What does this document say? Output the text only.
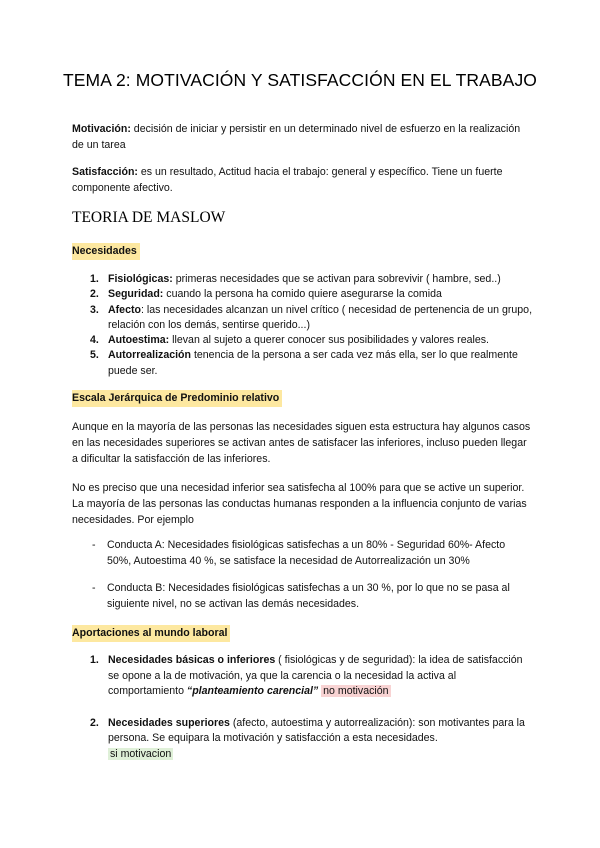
TEMA 2: MOTIVACIÓN Y SATISFACCIÓN EN EL TRABAJO
Motivación: decisión de iniciar y persistir en un determinado nivel de esfuerzo en la realización de un tarea
Satisfacción: es un resultado, Actitud hacia el trabajo: general y específico. Tiene un fuerte componente afectivo.
TEORIA DE MASLOW
Necesidades
1. Fisiológicas: primeras necesidades que se activan para sobrevivir ( hambre, sed..)
2. Seguridad: cuando la persona ha comido quiere asegurarse la comida
3. Afecto: las necesidades alcanzan un nivel crítico ( necesidad de pertenencia de un grupo, relación con los demás, sentirse querido...)
4. Autoestima: llevan al sujeto a querer conocer sus posibilidades y valores reales.
5. Autorrealización tenencia de la persona a ser cada vez más ella, ser lo que realmente puede ser.
Escala Jerárquica de Predominio relativo
Aunque en la mayoría de las personas las necesidades siguen esta estructura hay algunos casos en las necesidades superiores se activan antes de satisfacer las inferiores, incluso pueden llegar a dificultar la satisfacción de las inferiores.
No es preciso que una necesidad inferior sea satisfecha al 100% para que se active un superior. La mayoría de las personas las conductas humanas responden a la influencia conjunto de varias necesidades. Por ejemplo
- Conducta A: Necesidades fisiológicas satisfechas a un 80% - Seguridad 60%- Afecto 50%, Autoestima 40 %, se satisface la necesidad de Autorrealización un 30%
- Conducta B: Necesidades fisiológicas satisfechas a un 30 %, por lo que no se pasa al siguiente nivel, no se activan las demás necesidades.
Aportaciones al mundo laboral
1. Necesidades básicas o inferiores ( fisiológicas y de seguridad): la idea de satisfacción se opone a la de motivación, ya que la carencia o la necesidad la activa al comportamiento “planteamiento carencial” no motivación
2. Necesidades superiores (afecto, autoestima y autorrealización): son motivantes para la persona. Se equipara la motivación y satisfacción a esta necesidades.
si motivacion
